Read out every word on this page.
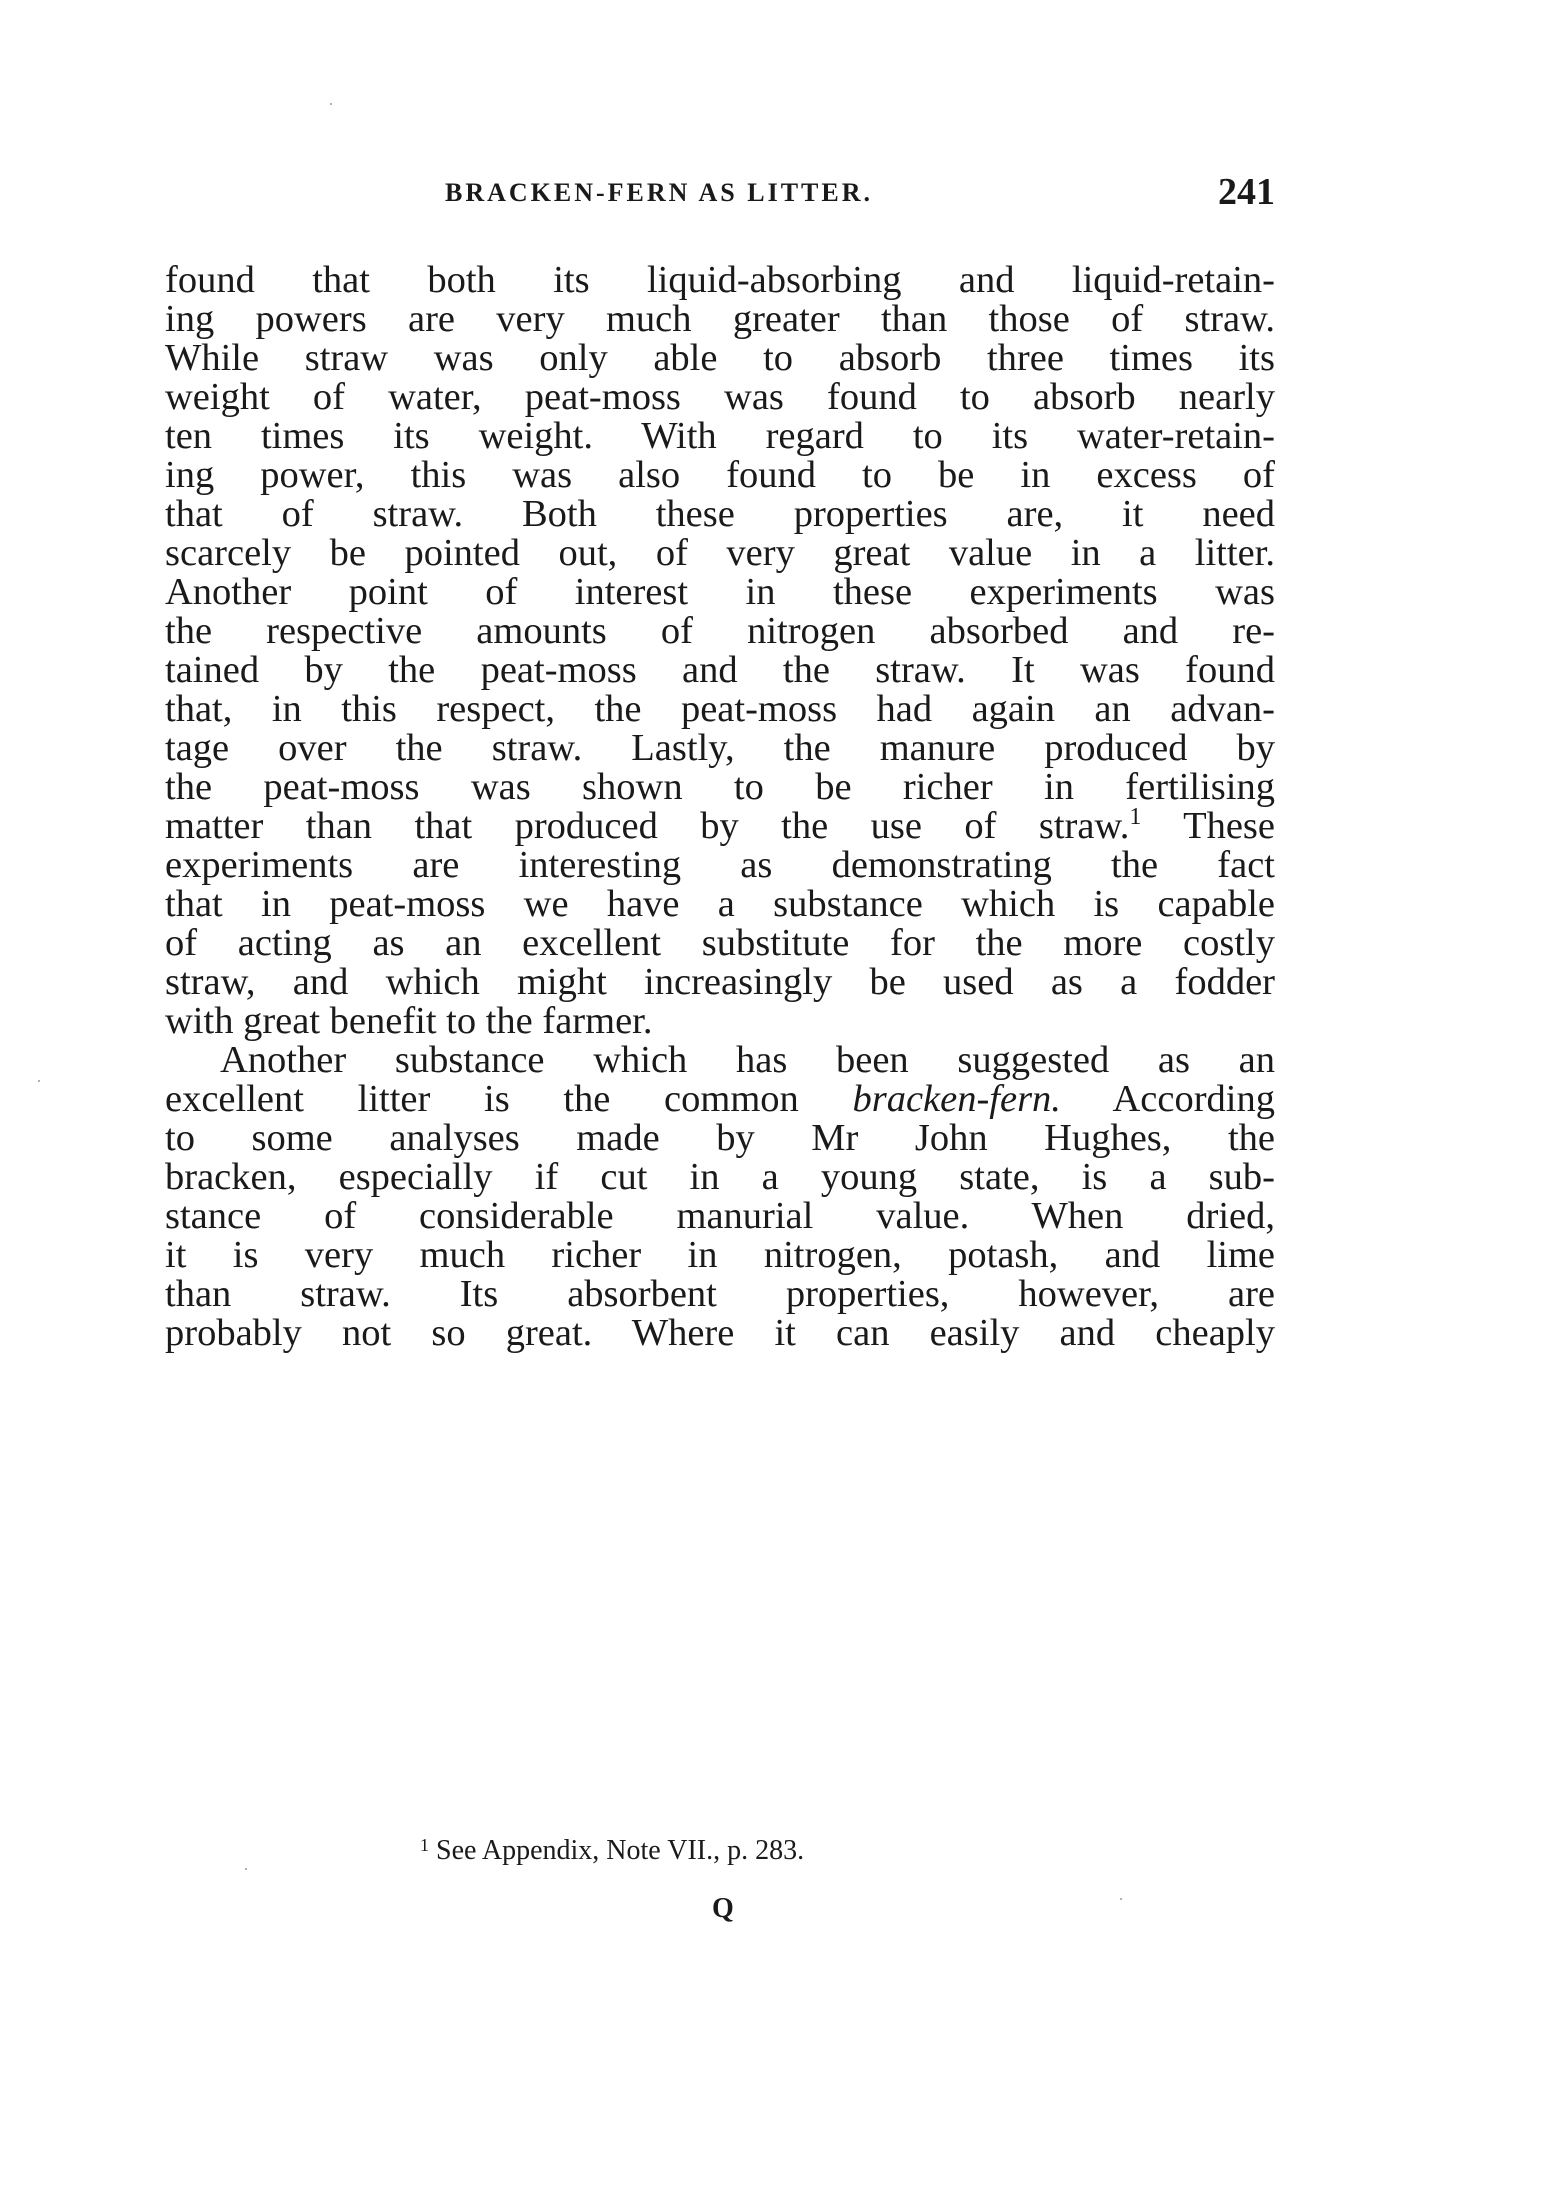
BRACKEN-FERN AS LITTER.	241
found that both its liquid-absorbing and liquid-retain-
ing powers are very much greater than those of straw.
While straw was only able to absorb three times its
weight of water, peat-moss was found to absorb nearly
ten times its weight. With regard to its water-retain-
ing power, this was also found to be in excess of
that of straw. Both these properties are, it need
scarcely be pointed out, of very great value in a litter.
Another point of interest in these experiments was
the respective amounts of nitrogen absorbed and re-
tained by the peat-moss and the straw. It was found
that, in this respect, the peat-moss had again an advan-
tage over the straw. Lastly, the manure produced by
the peat-moss was shown to be richer in fertilising
matter than that produced by the use of straw.$^1$ These
experiments are interesting as demonstrating the fact
that in peat-moss we have a substance which is capable
of acting as an excellent substitute for the more costly
straw, and which might increasingly be used as a fodder
with great benefit to the farmer.
Another substance which has been suggested as an
excellent litter is the common bracken-fern. According
to some analyses made by Mr John Hughes, the
bracken, especially if cut in a young state, is a sub-
stance of considerable manurial value. When dried,
it is very much richer in nitrogen, potash, and lime
than straw. Its absorbent properties, however, are
probably not so great. Where it can easily and cheaply
$^1$ See Appendix, Note VII., p. 283.
Q
